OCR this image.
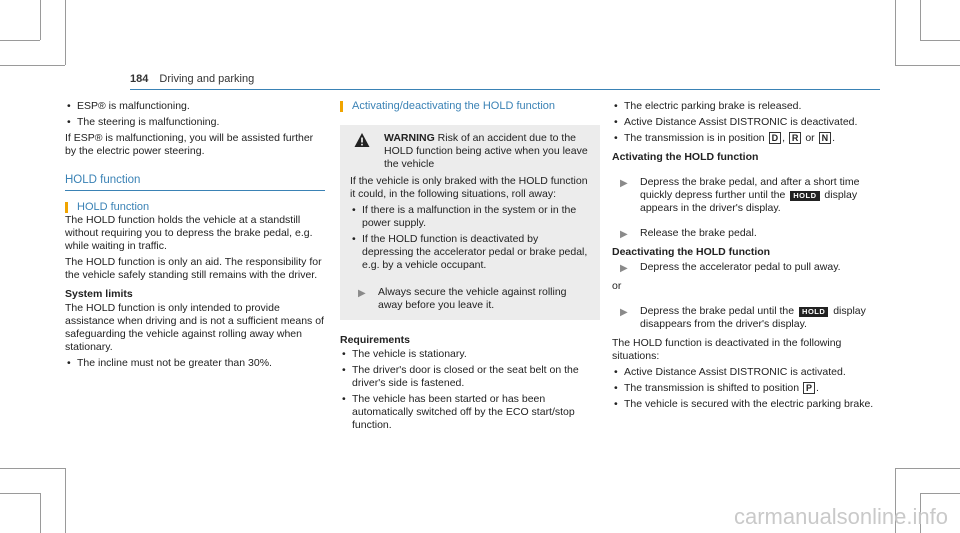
184 Driving and parking
• ESP® is malfunctioning.
• The steering is malfunctioning.

If ESP® is malfunctioning, you will be assisted further by the electric power steering.

HOLD function
HOLD function

The HOLD function holds the vehicle at a standstill without requiring you to depress the brake pedal, e.g. while waiting in traffic.

The HOLD function is only an aid. The responsibility for the vehicle safely standing still remains with the driver.

System limits

The HOLD function is only intended to provide assistance when driving and is not a sufficient means of safeguarding the vehicle against rolling away when stationary.

• The incline must not be greater than 30%.
Activating/deactivating the HOLD function
WARNING Risk of an accident due to the HOLD function being active when you leave the vehicle

If the vehicle is only braked with the HOLD function it could, in the following situations, roll away:

• If there is a malfunction in the system or in the power supply.
• If the HOLD function is deactivated by depressing the accelerator pedal or brake pedal, e.g. by a vehicle occupant.
▶ Always secure the vehicle against rolling away before you leave it.
Requirements
• The vehicle is stationary.
• The driver's door is closed or the seat belt on the driver's side is fastened.
• The vehicle has been started or has been automatically switched off by the ECO start/stop function.
• The electric parking brake is released.
• Active Distance Assist DISTRONIC is deactivated.
• The transmission is in position D , R or N .
Activating the HOLD function
▶ Depress the brake pedal, and after a short time quickly depress further until the HOLD display appears in the driver's display.
▶ Release the brake pedal.
Deactivating the HOLD function
▶ Depress the accelerator pedal to pull away.

or

▶ Depress the brake pedal until the HOLD display disappears from the driver's display.

The HOLD function is deactivated in the following situations:

• Active Distance Assist DISTRONIC is activated.
• The transmission is shifted to position P .
• The vehicle is secured with the electric parking brake.
carmanualsonline.info
